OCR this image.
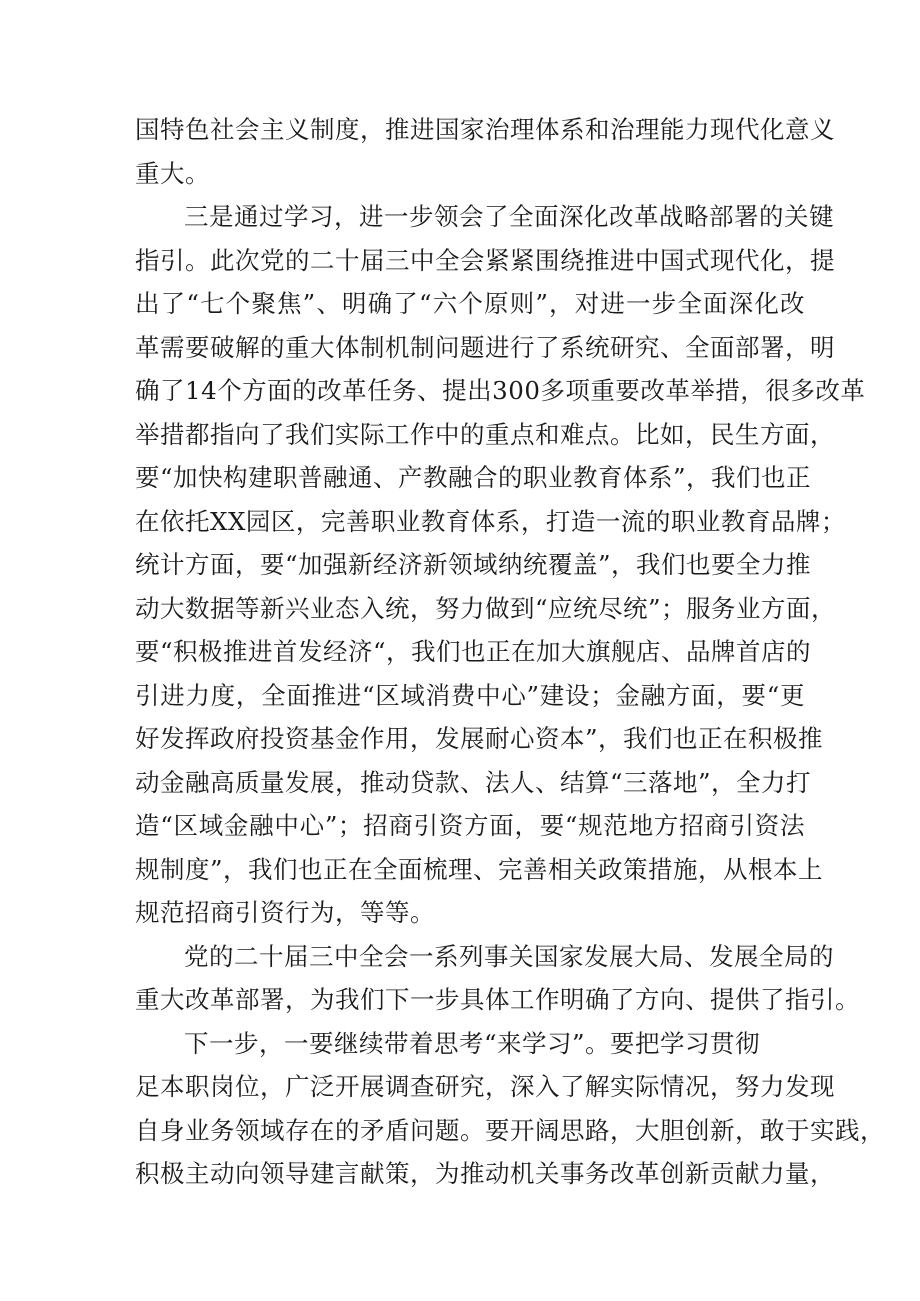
国特色社会主义制度，推进国家治理体系和治理能力现代化意义
重大。
三是通过学习，进一步领会了全面深化改革战略部署的关键
指引。此次党的二十届三中全会紧紧围绕推进中国式现代化，提
出了“七个聚焦”、明确了“六个原则”，对进一步全面深化改
革需要破解的重大体制机制问题进行了系统研究、全面部署，明
确了14个方面的改革任务、提出300多项重要改革举措，很多改革
举措都指向了我们实际工作中的重点和难点。比如，民生方面，
要“加快构建职普融通、产教融合的职业教育体系”，我们也正
在依托XX园区，完善职业教育体系，打造一流的职业教育品牌；
统计方面，要“加强新经济新领域纳统覆盖”，我们也要全力推
动大数据等新兴业态入统，努力做到“应统尽统”；服务业方面，
要“积极推进首发经济“，我们也正在加大旗舰店、品牌首店的
引进力度，全面推进“区域消费中心”建设；金融方面，要“更
好发挥政府投资基金作用，发展耐心资本”，我们也正在积极推
动金融高质量发展，推动贷款、法人、结算“三落地”，全力打
造“区域金融中心”；招商引资方面，要“规范地方招商引资法
规制度”，我们也正在全面梳理、完善相关政策措施，从根本上
规范招商引资行为，等等。
党的二十届三中全会一系列事关国家发展大局、发展全局的
重大改革部署，为我们下一步具体工作明确了方向、提供了指引。
下一步，一要继续带着思考“来学习”。要把学习贯彻
足本职岗位，广泛开展调查研究，深入了解实际情况，努力发现
自身业务领域存在的矛盾问题。要开阔思路，大胆创新，敢于实践，
积极主动向领导建言献策，为推动机关事务改革创新贡献力量，
